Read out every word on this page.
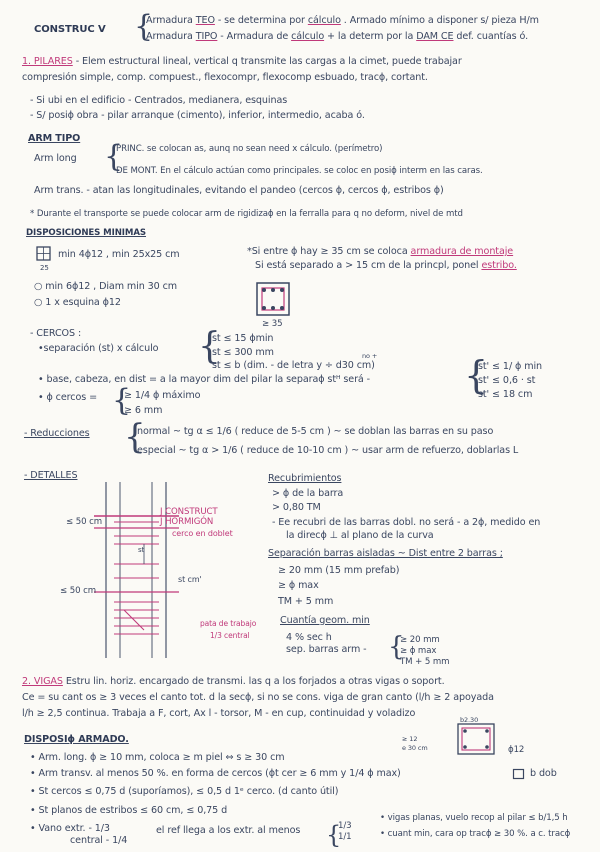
CONSTRUC V {
Armadura TEO - se determina por cálculo . Armado mínimo a disponer s/ pieza H/m
Armadura TIPO - Armadura de cálculo + la determ por la DAM CE def. cuantías ó.
1. PILARES - Elem estructural lineal, vertical q transmite las cargas a la cimet, puede trabajar
compresión simple, comp. compuest., flexocompr, flexocomp esbuado, tracϕ, cortant.
- Si ubi en el edificio - Centrados, medianera, esquinas
- S/ posiϕ obra - pilar arranque (cimento), inferior, intermedio, acaba ó.
ARM TIPO
Arm long {
PRINC. se colocan as, aunq no sean need x cálculo. (perímetro)
DE MONT. En el cálculo actúan como principales. se coloc en posiϕ interm en las caras.
Arm trans. - atan las longitudinales, evitando el pandeo (cercos ϕ, cercos ϕ, estribos ϕ)
* Durante el transporte se puede colocar arm de rigidizaϕ en la ferralla para q no deform, nivel de mtd
DISPOSICIONES MINIMAS
25
min 4ϕ12 , min 25x25 cm
○ min 6ϕ12 , Diam min 30 cm
○ 1 x esquina ϕ12
*Si entre ϕ hay ≥ 35 cm se coloca armadura de montaje
Si está separado a > 15 cm de la princpl, ponel estribo.
≥ 35
- CERCOS :
•separación (st) x cálculo {
st ≤ 15 ϕmin
st ≤ 300 mm	no +
st ≤ b (dim. - de letra y ÷ d30 cm)
• base, cabeza, en dist = a la mayor dim del pilar la separaϕ stᴴ será - {
st' ≤ 1/ ϕ min
st' ≤ 0,6 · st
st' ≤ 18 cm
• ϕ cercos = {
≥ 1/4 ϕ máximo
≥ 6 mm
- Reducciones {
normal ~ tg α ≤ 1/6 ( reduce de 5-5 cm ) ~ se doblan las barras en su paso
especial ~ tg α > 1/6 ( reduce de 10-10 cm ) ~ usar arm de refuerzo, doblarlas L
- DETALLES
J CONSTRUCT
J HORMIGÓN
cerco en doblet
st
≤ 50 cm
≤ 50 cm
st cm'
pata de trabajo
1/3 central
Recubrimientos
> ϕ de la barra
> 0,80 TM
- Ee recubri de las barras dobl. no será - a 2ϕ, medido en
la direcϕ ⊥ al plano de la curva
Separación barras aisladas ~ Dist entre 2 barras ;
≥ 20 mm (15 mm prefab)
≥ ϕ max
TM + 5 mm
Cuantía geom. min
4 % sec h
sep. barras arm - {
≥ 20 mm
≥ ϕ max
TM + 5 mm
2. VIGAS Estru lin. horiz. encargado de transmi. las q a los forjados a otras vigas o soport.
Ce = su cant os ≥ 3 veces el canto tot. d la secϕ, si no se cons. viga de gran canto (l/h ≥ 2 apoyada
l/h ≥ 2,5 continua. Trabaja a F, cort, Ax l - torsor, M - en cup, continuidad y voladizo
DISPOSIϕ ARMADO.
b2.30
≥ 12
e 30 cm	ϕ12
• Arm. long. ϕ ≥ 10 mm, coloca ≥ m piel ⇔ s ≥ 30 cm
• Arm transv. al menos 50 %. en forma de cercos (ϕt cer ≥ 6 mm y 1/4 ϕ max)	b dob
• St cercos ≤ 0,75 d (suporíamos), ≤ 0,5 d 1ᵉ cerco. (d canto útil)
• St planos de estribos ≤ 60 cm, ≤ 0,75 d
• Vano extr. - 1/3
central - 1/4
el ref llega a los extr. al menos {
1/3
1/1
• vigas planas, vuelo recop al pilar ≤ b/1,5 h
• cuant min, cara op tracϕ ≥ 30 %. a c. tracϕ
